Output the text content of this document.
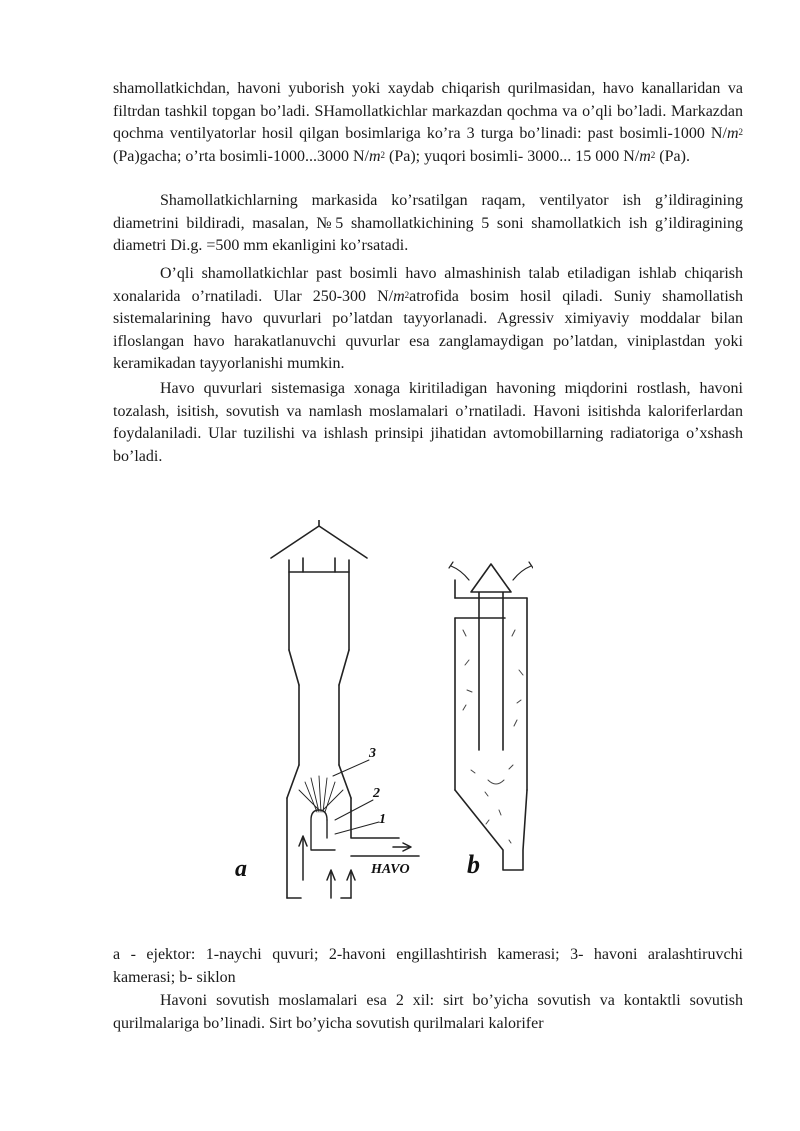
shamollatkichdan, havoni yuborish yoki xaydab chiqarish qurilmasidan, havo kanallaridan va filtrdan tashkil topgan bo’ladi. SHamollatkichlar markazdan qochma va o’qli bo’ladi. Markazdan qochma ventilyatorlar hosil qilgan bosimlariga ko’ra 3 turga bo’linadi: past bosimli-1000 $N/m^2$ (Pa)gacha; o’rta bosimli-1000...3000 $N/m^2$ (Pa); yuqori bosimli- 3000... 15 000 $N/m^2$ (Pa).

Shamollatkichlarning markasida ko’rsatilgan raqam, ventilyator ish g’ildiragining diametrini bildiradi, masalan, №5 shamollatkichining 5 soni shamollatkich ish g’ildiragining diametri Di.g. =500 mm ekanligini ko’rsatadi.

O’qli shamollatkichlar past bosimli havo almashinish talab etiladigan ishlab chiqarish xonalarida o’rnatiladi. Ular 250-300 $N/m^2atrofida$ bosim hosil qiladi. Suniy shamollatish sistemalarining havo quvurlari po’latdan tayyorlanadi. Agressiv ximiyaviy moddalar bilan ifloslangan havo harakatlanuvchi quvurlar esa zanglamaydigan po’latdan, viniplastdan yoki keramikadan tayyorlanishi mumkin.

Havo quvurlari sistemasiga xonaga kiritiladigan havoning miqdorini rostlash, havoni tozalash, isitish, sovutish va namlash moslamalari o’rnatiladi. Havoni isitishda kaloriferlardan foydalaniladi. Ular tuzilishi va ishlash prinsipi jihatidan avtomobillarning radiatoriga o’xshash bo’ladi.

a - ejektor: 1-naychi quvuri; 2-havoni engillashtirish kamerasi; 3- havoni aralashtiruvchi kamerasi; b- siklon

Havoni sovutish moslamalari esa 2 xil: sirt bo’yicha sovutish va kontaktli sovutish qurilmalariga bo’linadi. Sirt bo’yicha sovutish qurilmalari kalorifer

a	HAVO b
3
2
1
